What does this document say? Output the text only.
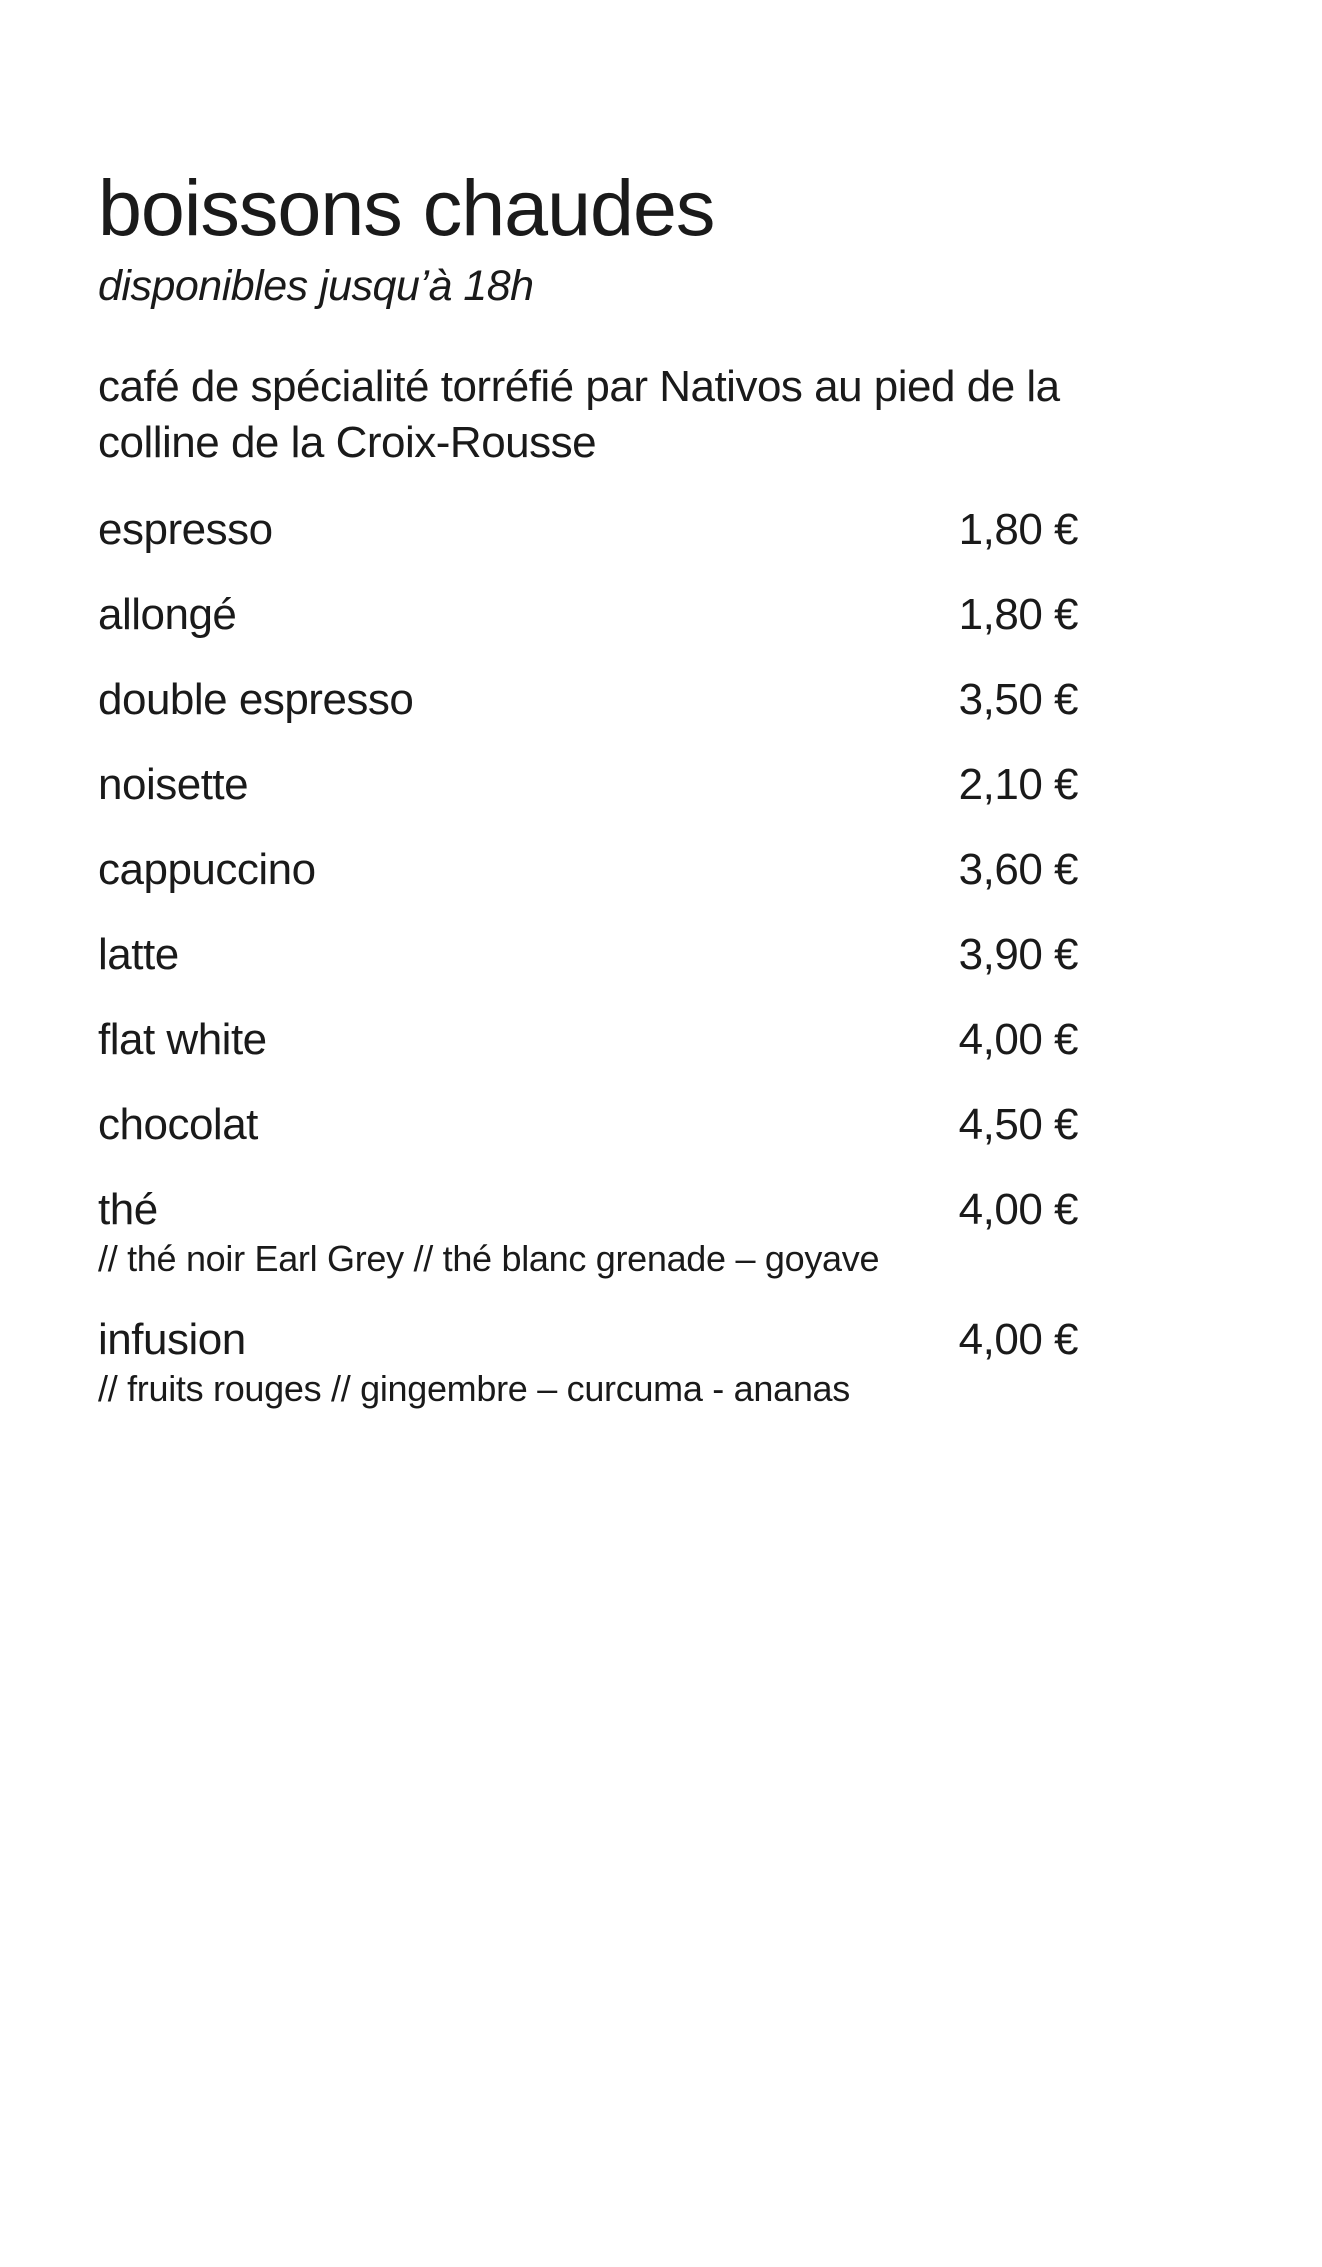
boissons chaudes
disponibles jusqu’à 18h
café de spécialité torréfié par Nativos au pied de la colline de la Croix-Rousse
espresso	1,80 €
allongé	1,80 €
double espresso	3,50 €
noisette	2,10 €
cappuccino	3,60 €
latte	3,90 €
flat white	4,00 €
chocolat	4,50 €
thé	4,00 €
// thé noir Earl Grey // thé blanc grenade – goyave
infusion	4,00 €
// fruits rouges // gingembre – curcuma - ananas
